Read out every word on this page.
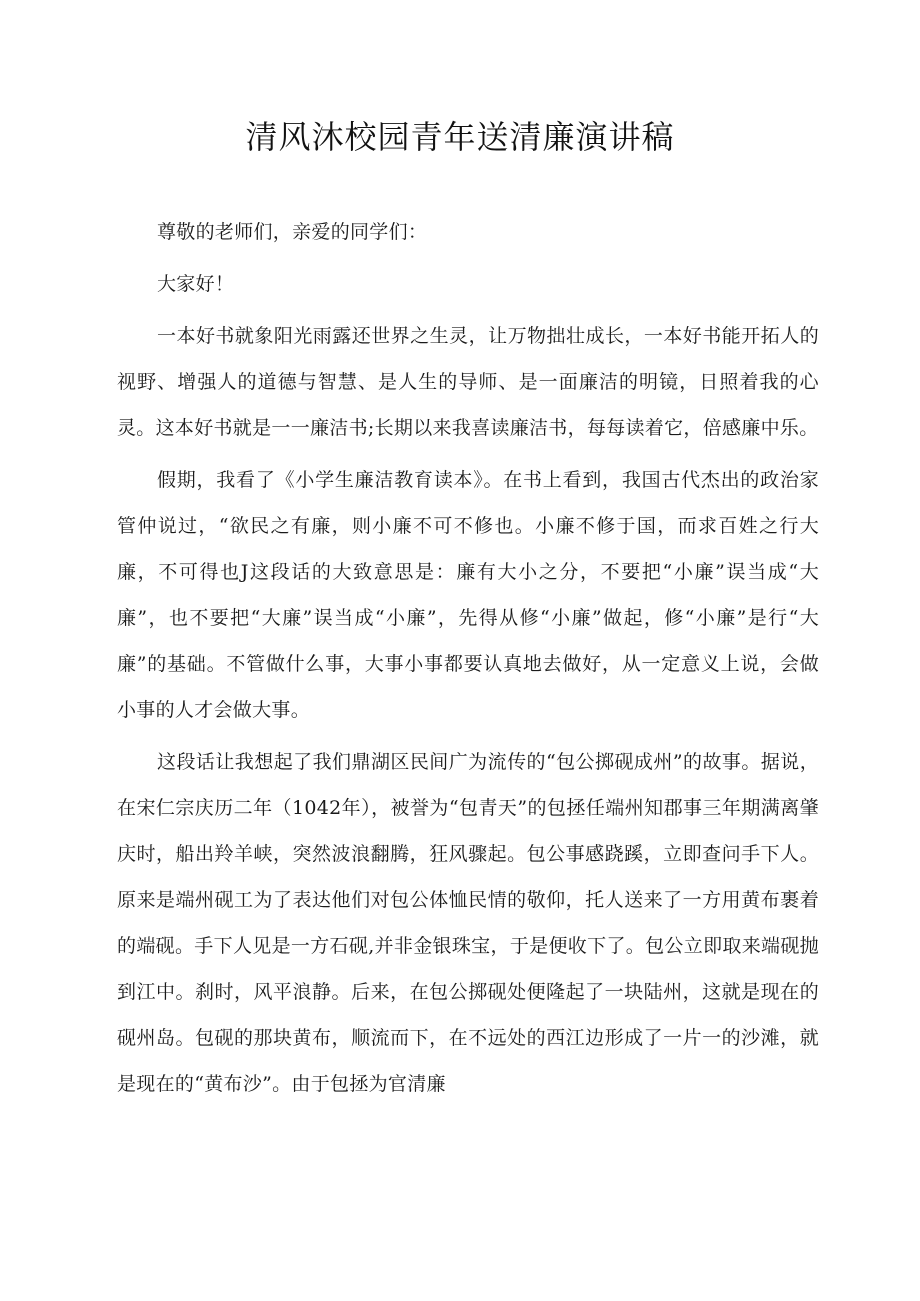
清风沐校园青年送清廉演讲稿

尊敬的老师们，亲爱的同学们：

大家好！

一本好书就象阳光雨露还世界之生灵，让万物拙壮成长，一本好书能开拓人的视野、增强人的道德与智慧、是人生的导师、是一面廉洁的明镜，日照着我的心灵。这本好书就是一一廉洁书;长期以来我喜读廉洁书，每每读着它，倍感廉中乐。

假期，我看了《小学生廉洁教育读本》。在书上看到，我国古代杰出的政治家管仲说过，“欲民之有廉，则小廉不可不修也。小廉不修于国，而求百姓之行大廉，不可得也J这段话的大致意思是：廉有大小之分，不要把“小廉”误当成“大廉”，也不要把“大廉”误当成“小廉”，先得从修“小廉”做起，修“小廉”是行“大廉”的基础。不管做什么事，大事小事都要认真地去做好，从一定意义上说，会做小事的人才会做大事。

这段话让我想起了我们鼎湖区民间广为流传的“包公掷砚成州”的故事。据说，在宋仁宗庆历二年（1042年），被誉为“包青天”的包拯任端州知郡事三年期满离肇庆时，船出羚羊峡，突然波浪翻腾，狂风骤起。包公事感跷蹊，立即查问手下人。原来是端州砚工为了表达他们对包公体恤民情的敬仰，托人送来了一方用黄布裹着的端砚。手下人见是一方石砚,并非金银珠宝，于是便收下了。包公立即取来端砚抛到江中。刹时，风平浪静。后来，在包公掷砚处便隆起了一块陆州，这就是现在的砚州岛。包砚的那块黄布，顺流而下，在不远处的西江边形成了一片一的沙滩，就是现在的“黄布沙”。由于包拯为官清廉
